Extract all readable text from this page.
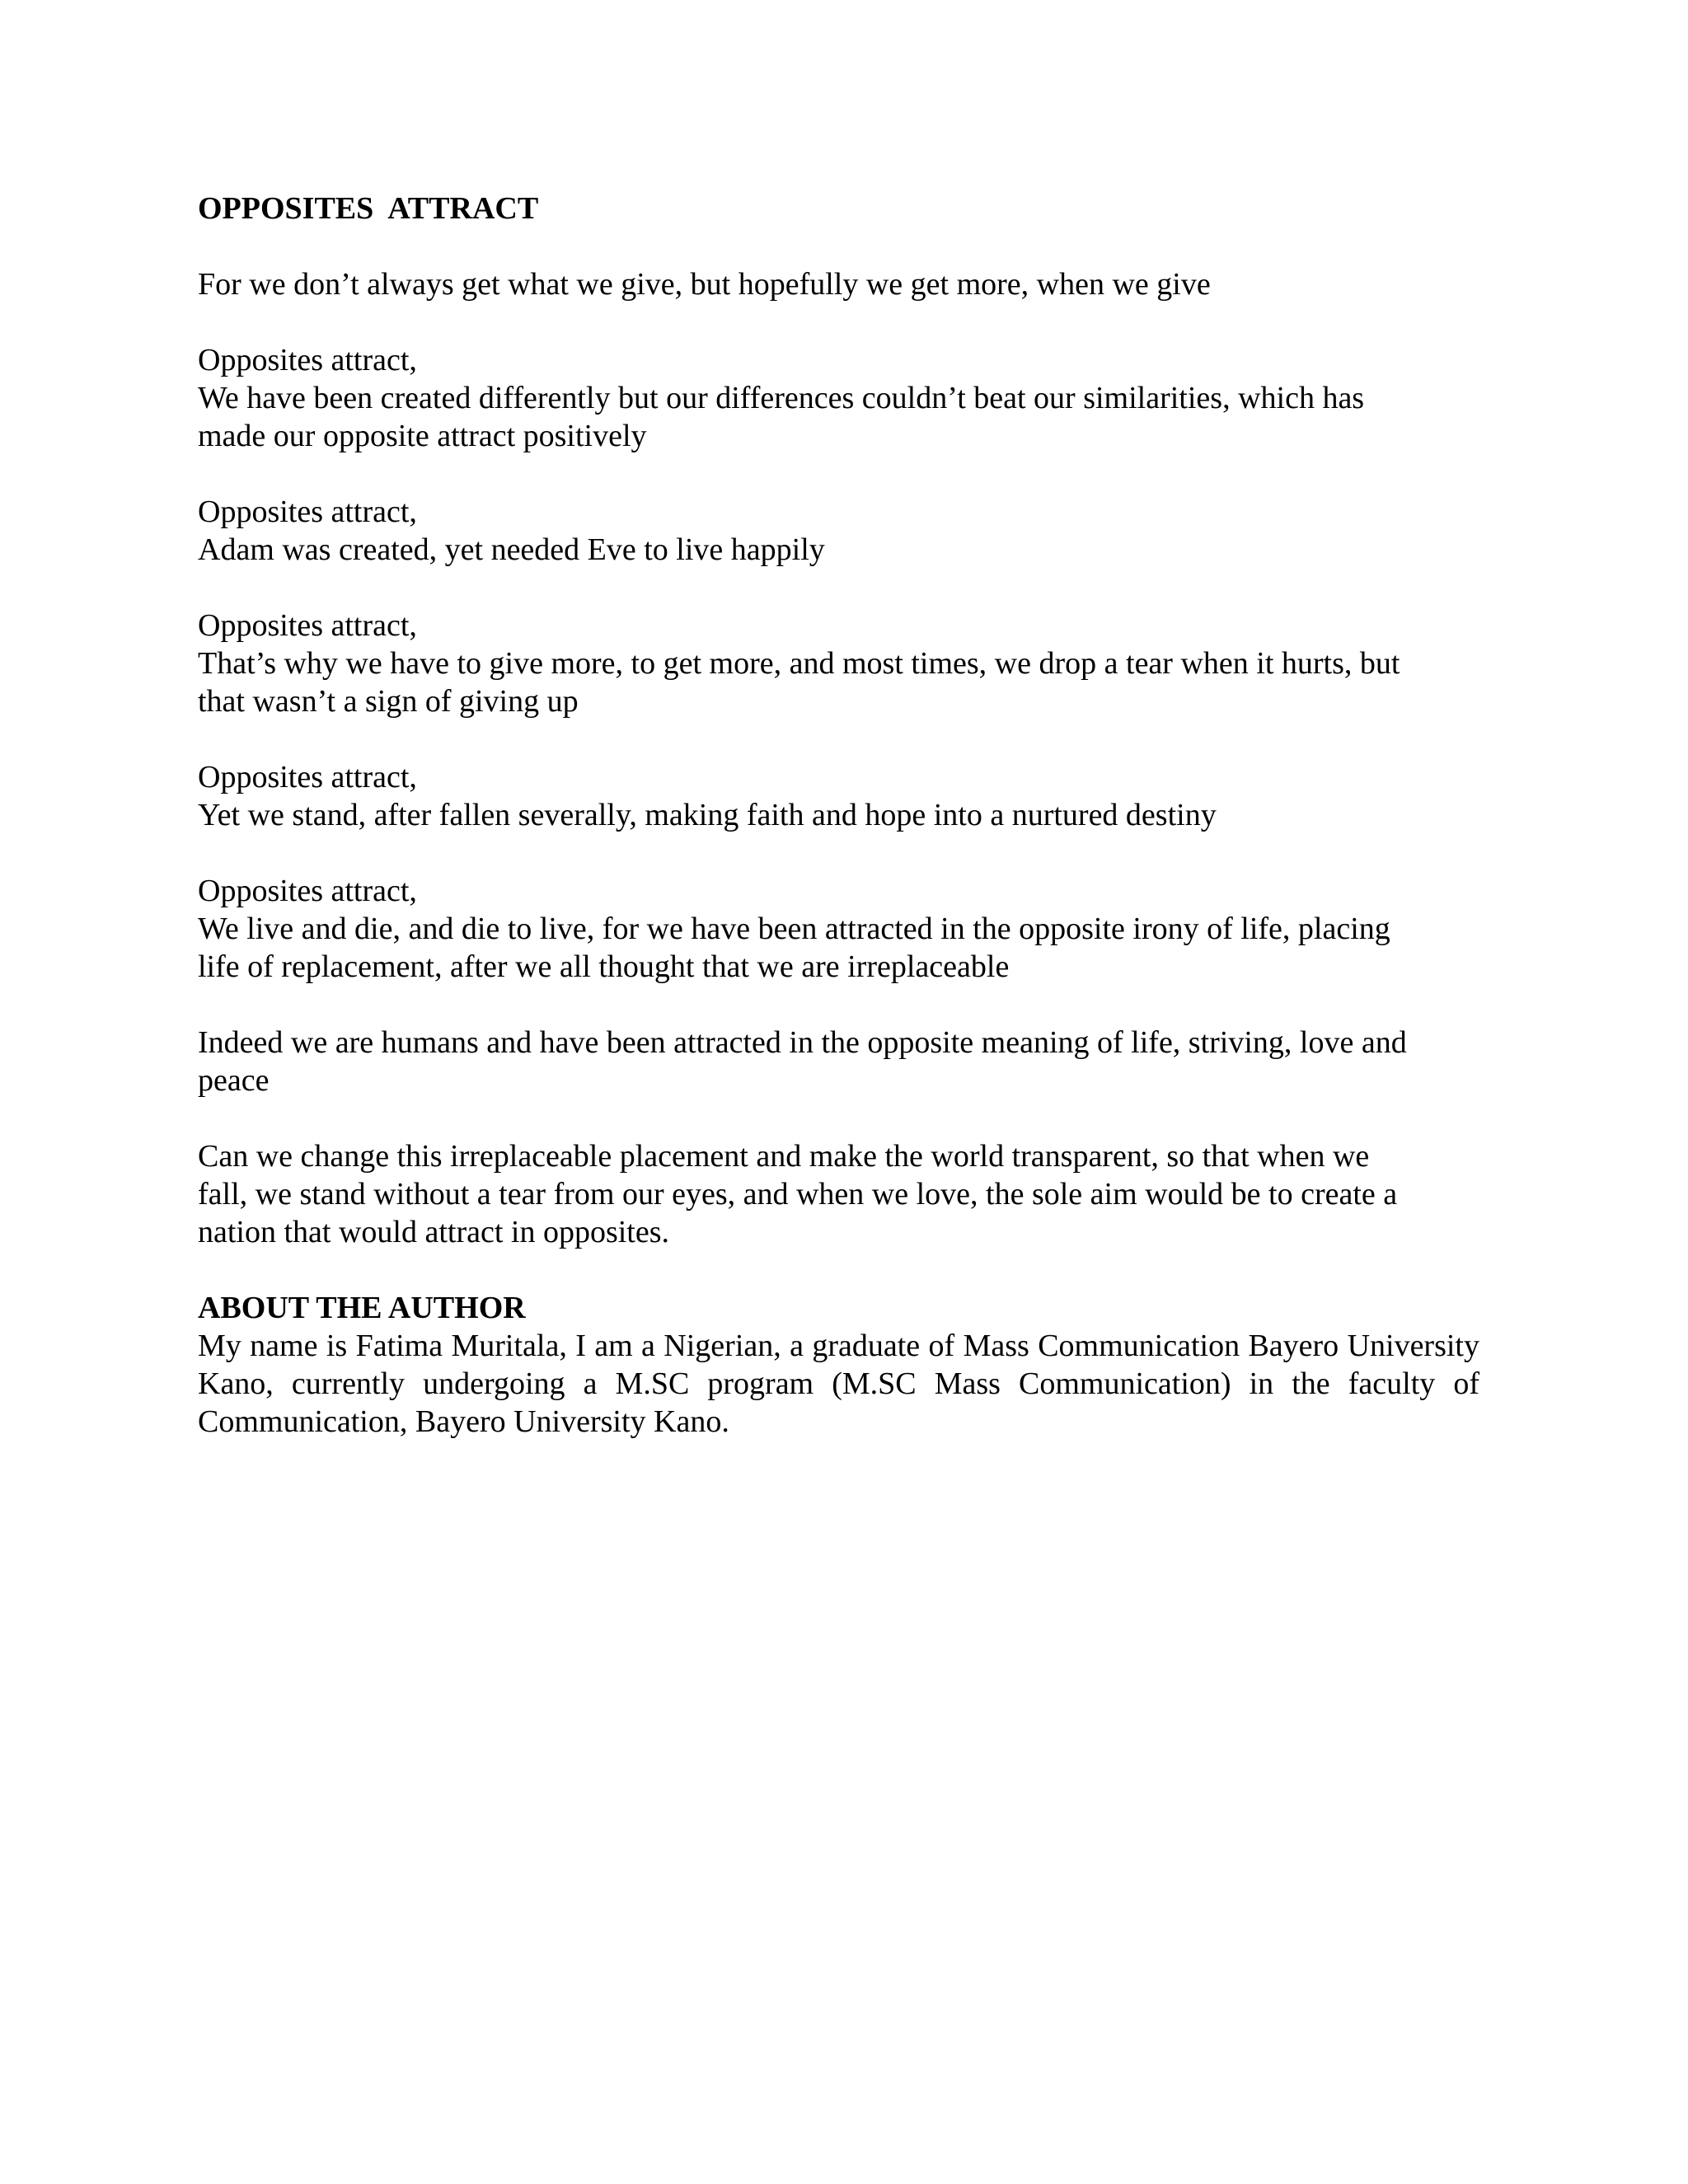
OPPOSITES  ATTRACT

For we don’t always get what we give, but hopefully we get more, when we give

Opposites attract,

We have been created differently but our differences couldn’t beat our similarities, which has

made our opposite attract positively

Opposites attract,

Adam was created, yet needed Eve to live happily

Opposites attract,

That’s why we have to give more, to get more, and most times, we drop a tear when it hurts, but

that wasn’t a sign of giving up

Opposites attract,

Yet we stand, after fallen severally, making faith and hope into a nurtured destiny

Opposites attract,

We live and die, and die to live, for we have been attracted in the opposite irony of life, placing

life of replacement, after we all thought that we are irreplaceable

Indeed we are humans and have been attracted in the opposite meaning of life, striving, love and

peace

Can we change this irreplaceable placement and make the world transparent, so that when we

fall, we stand without a tear from our eyes, and when we love, the sole aim would be to create a

nation that would attract in opposites.

ABOUT THE AUTHOR

My name is Fatima Muritala, I am a Nigerian, a graduate of Mass Communication Bayero University Kano, currently undergoing a M.SC program (M.SC Mass Communication) in the faculty of Communication, Bayero University Kano.
